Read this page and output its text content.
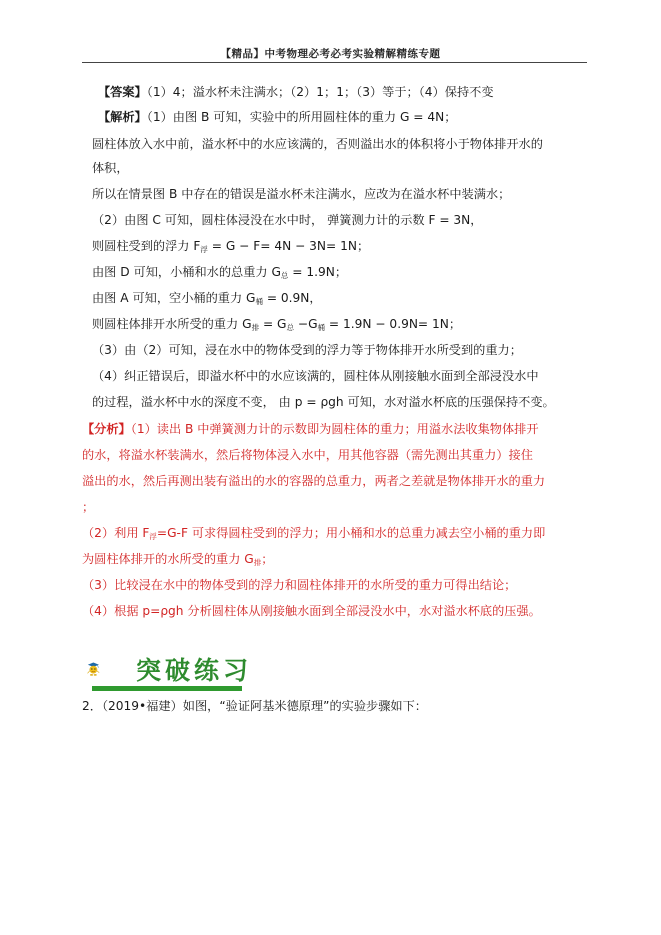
【精品】中考物理必考必考实验精解精练专题
【答案】（1）4；溢水杯未注满水；（2）1；1；（3）等于；（4）保持不变
【解析】（1）由图 B 可知，实验中的所用圆柱体的重力 G = 4N；
圆柱体放入水中前，溢水杯中的水应该满的，否则溢出水的体积将小于物体排开水的
体积，
所以在情景图 B 中存在的错误是溢水杯未注满水，应改为在溢水杯中装满水；
（2）由图 C 可知，圆柱体浸没在水中时， 弹簧测力计的示数 F = 3N，
则圆柱受到的浮力 $F_浮 = G - F= 4N - 3N= 1N$；
由图 D 可知，小桶和水的总重力 $G_总 = 1.9N$；
由图 A 可知，空小桶的重力 $G_桶 = 0.9N$，
则圆柱体排开水所受的重力 $G_排 = G_总 -G_桶 = 1.9N - 0.9N= 1N$；
（3）由（2）可知，浸在水中的物体受到的浮力等于物体排开水所受到的重力；
（4）纠正错误后，即溢水杯中的水应该满的，圆柱体从刚接触水面到全部浸没水中
的过程，溢水杯中水的深度不变， 由 p = ρgh 可知，水对溢水杯底的压强保持不变。
【分析】（1）读出 B 中弹簧测力计的示数即为圆柱体的重力；用溢水法收集物体排开
的水，将溢水杯装满水，然后将物体浸入水中，用其他容器（需先测出其重力）接住
溢出的水，然后再测出装有溢出的水的容器的总重力，两者之差就是物体排开水的重力
；
（2）利用 $F_浮=G-F$ 可求得圆柱受到的浮力；用小桶和水的总重力减去空小桶的重力即
为圆柱体排开的水所受的重力 $G_排$；
（3）比较浸在水中的物体受到的浮力和圆柱体排开的水所受的重力可得出结论；
（4）根据 p=ρgh 分析圆柱体从刚接触水面到全部浸没水中，水对溢水杯底的压强。
突破练习
2．（2019•福建）如图，“验证阿基米德原理”的实验步骤如下：
